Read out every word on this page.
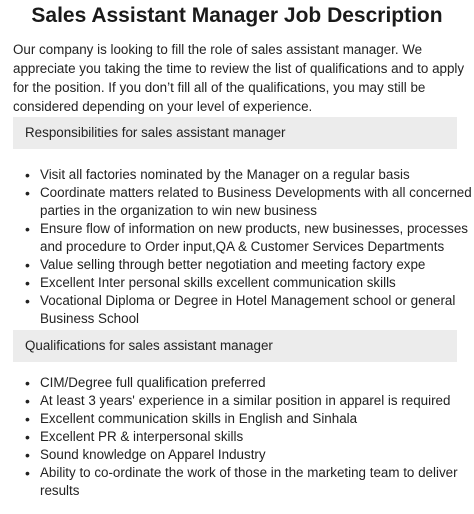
Sales Assistant Manager Job Description
Our company is looking to fill the role of sales assistant manager. We appreciate you taking the time to review the list of qualifications and to apply for the position. If you don’t fill all of the qualifications, you may still be considered depending on your level of experience.
Responsibilities for sales assistant manager
• Visit all factories nominated by the Manager on a regular basis
• Coordinate matters related to Business Developments with all concerned parties in the organization to win new business
• Ensure flow of information on new products, new businesses, processes and procedure to Order input,QA & Customer Services Departments
• Value selling through better negotiation and meeting factory expe
• Excellent Inter personal skills excellent communication skills
• Vocational Diploma or Degree in Hotel Management school or general Business School
Qualifications for sales assistant manager
• CIM/Degree full qualification preferred
• At least 3 years' experience in a similar position in apparel is required
• Excellent communication skills in English and Sinhala
• Excellent PR & interpersonal skills
• Sound knowledge on Apparel Industry
• Ability to co-ordinate the work of those in the marketing team to deliver results
